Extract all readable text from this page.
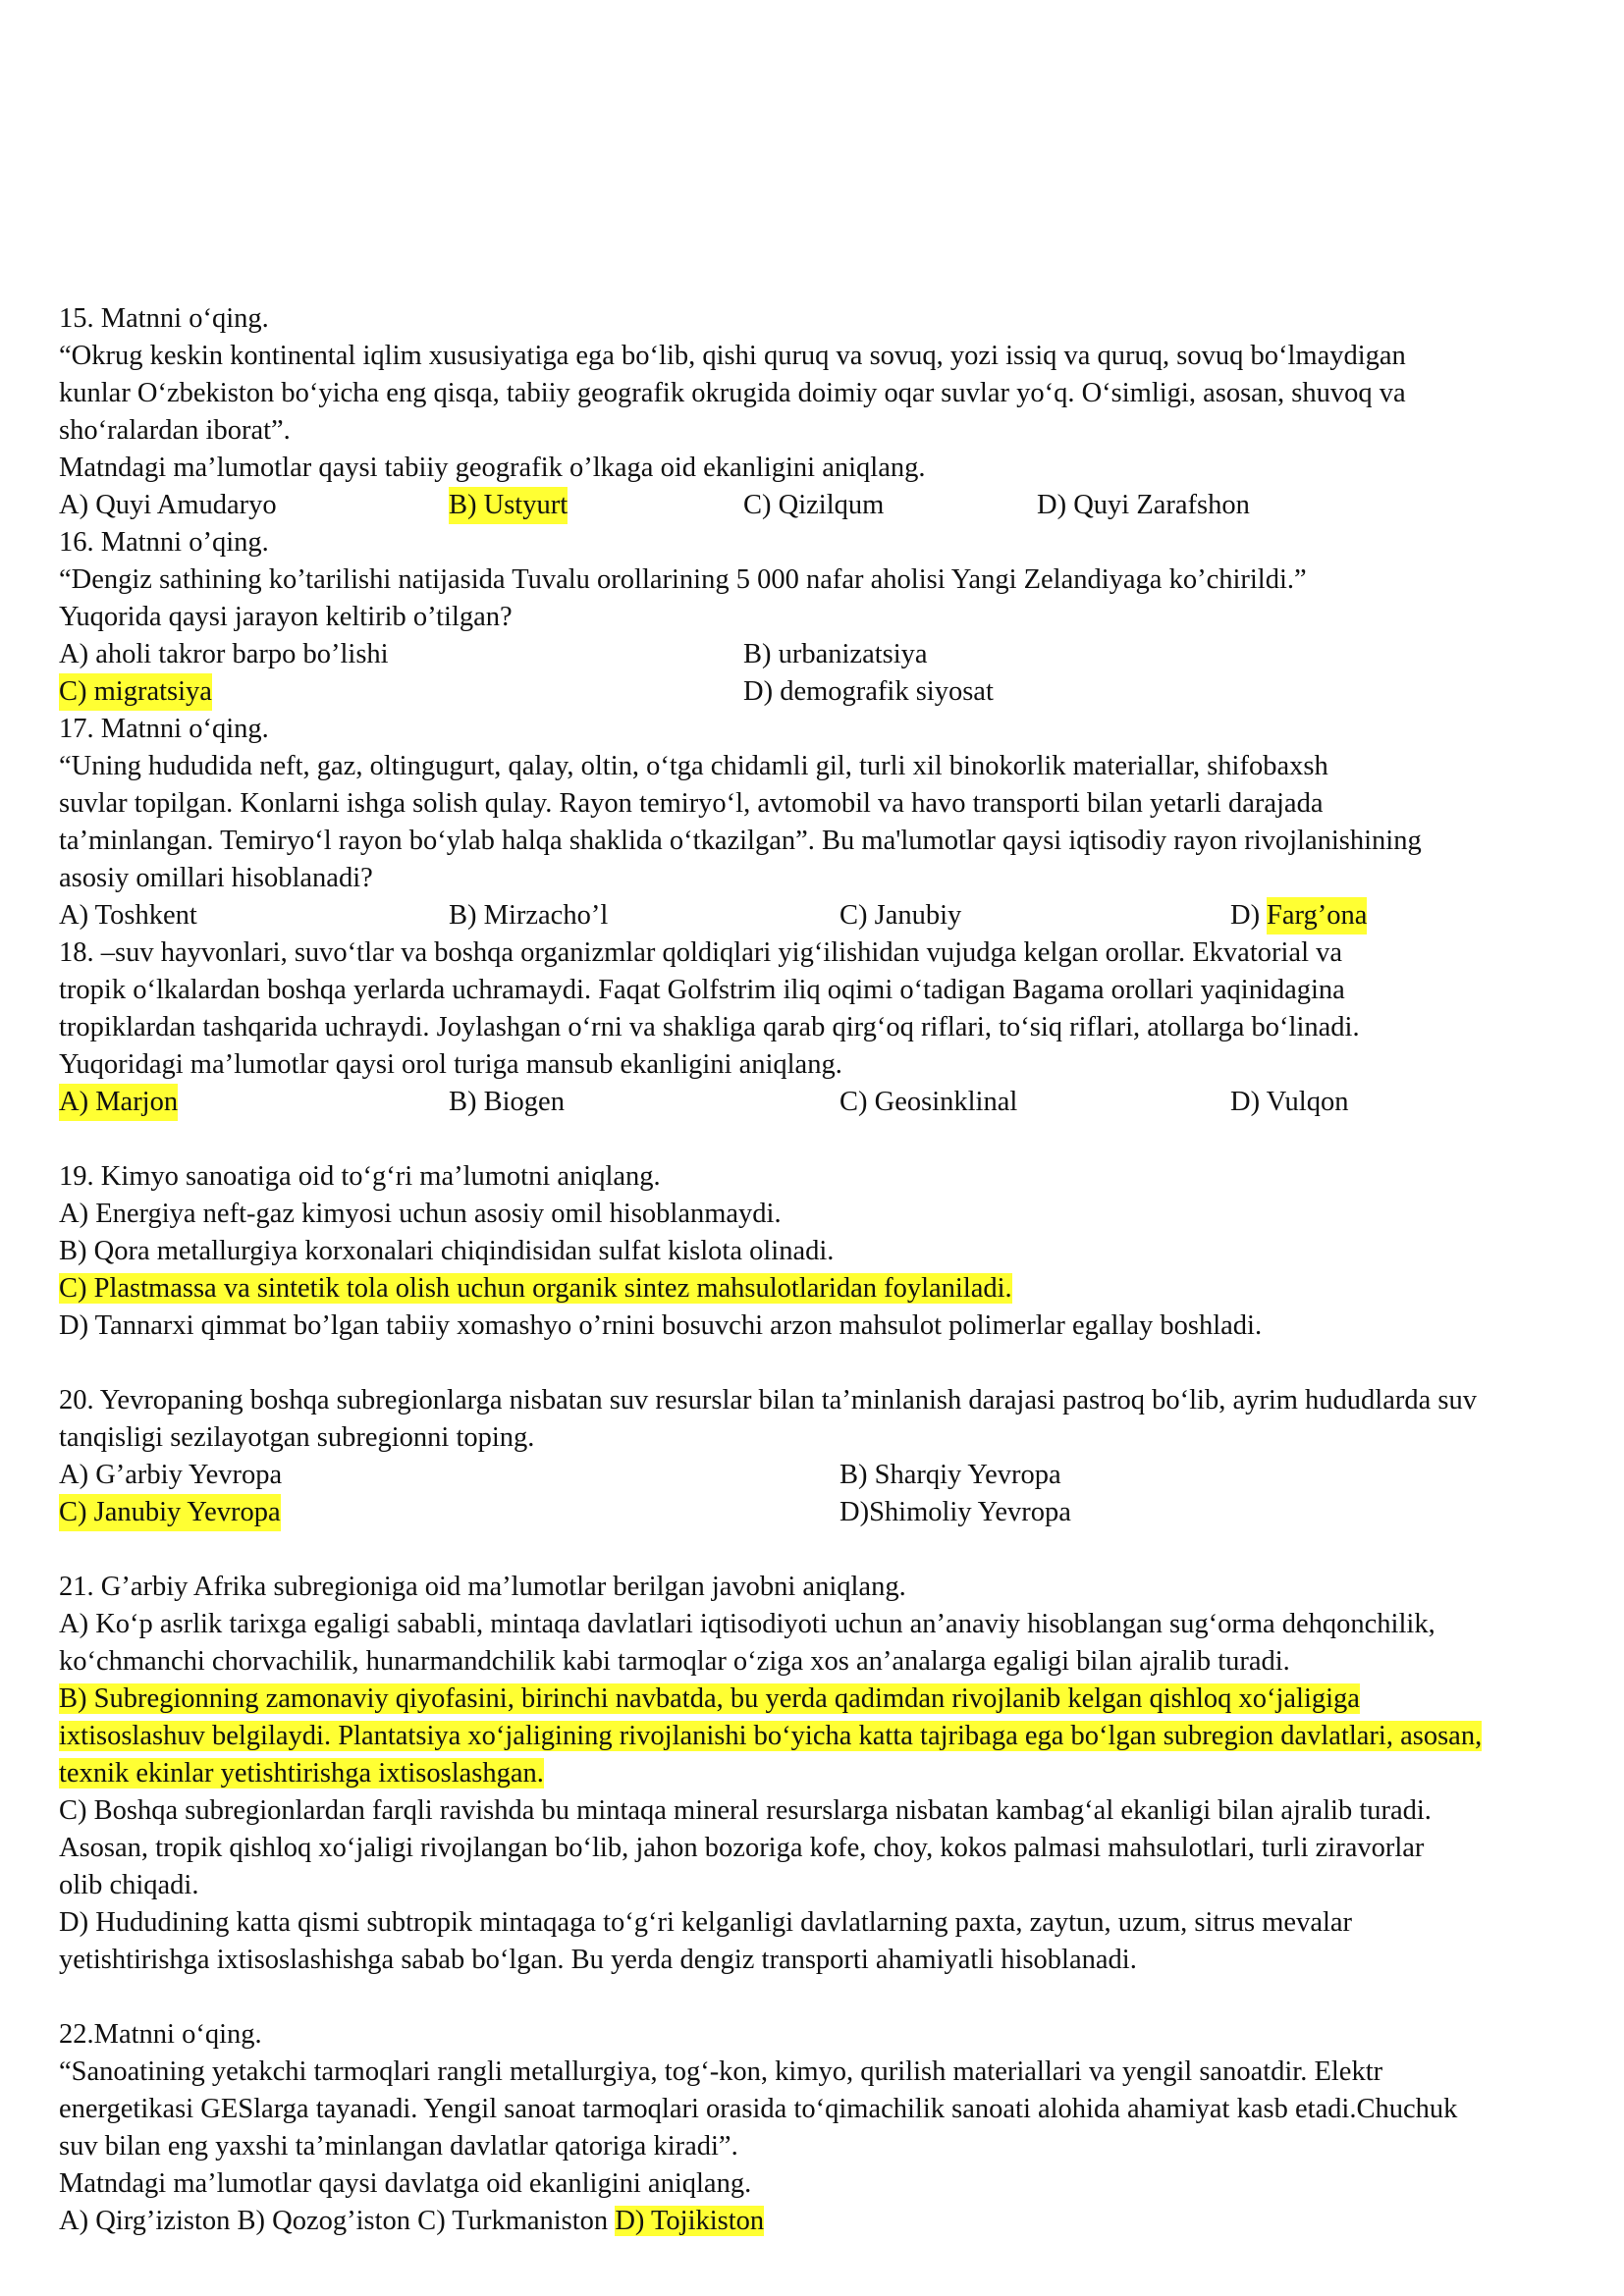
15. Matnni o‘qing.
“Okrug keskin kontinental iqlim xususiyatiga ega bo‘lib, qishi quruq va sovuq, yozi issiq va quruq, sovuq bo‘lmaydigan
kunlar O‘zbekiston bo‘yicha eng qisqa, tabiiy geografik okrugida doimiy oqar suvlar yo‘q. O‘simligi, asosan, shuvoq va
sho‘ralardan iborat”.
Matndagi ma’lumotlar qaysi tabiiy geografik o’lkaga oid ekanligini aniqlang.
A) Quyi Amudaryo	B) Ustyurt	C) Qizilqum	D) Quyi Zarafshon
16. Matnni o’qing.
“Dengiz sathining ko’tarilishi natijasida Tuvalu orollarining 5 000 nafar aholisi Yangi Zelandiyaga ko’chirildi.”
Yuqorida qaysi jarayon keltirib o’tilgan?
A) aholi takror barpo bo’lishi	B) urbanizatsiya
C) migratsiya	D) demografik siyosat
17. Matnni o‘qing.
“Uning hududida neft, gaz, oltingugurt, qalay, oltin, o‘tga chidamli gil, turli xil binokorlik materiallar, shifobaxsh
suvlar topilgan. Konlarni ishga solish qulay. Rayon temiryo‘l, avtomobil va havo transporti bilan yetarli darajada
ta’minlangan. Temiryo‘l rayon bo‘ylab halqa shaklida o‘tkazilgan”. Bu ma'lumotlar qaysi iqtisodiy rayon rivojlanishining
asosiy omillari hisoblanadi?
A) Toshkent	B) Mirzacho’l	C) Janubiy	D) Farg’ona
18. –suv hayvonlari, suvo‘tlar va boshqa organizmlar qoldiqlari yig‘ilishidan vujudga kelgan orollar. Ekvatorial va
tropik o‘lkalardan boshqa yerlarda uchramaydi. Faqat Golfstrim iliq oqimi o‘tadigan Bagama orollari yaqinidagina
tropiklardan tashqarida uchraydi. Joylashgan o‘rni va shakliga qarab qirg‘oq riflari, to‘siq riflari, atollarga bo‘linadi.
Yuqoridagi ma’lumotlar qaysi orol turiga mansub ekanligini aniqlang.
A) Marjon	B) Biogen	C) Geosinklinal	D) Vulqon
19. Kimyo sanoatiga oid to‘g‘ri ma’lumotni aniqlang.
A) Energiya neft-gaz kimyosi uchun asosiy omil hisoblanmaydi.
B) Qora metallurgiya korxonalari chiqindisidan sulfat kislota olinadi.
C) Plastmassa va sintetik tola olish uchun organik sintez mahsulotlaridan foylaniladi.
D) Tannarxi qimmat bo’lgan tabiiy xomashyo o’rnini bosuvchi arzon mahsulot polimerlar egallay boshladi.
20. Yevropaning boshqa subregionlarga nisbatan suv resurslar bilan ta’minlanish darajasi pastroq bo‘lib, ayrim hududlarda suv
tanqisligi sezilayotgan subregionni toping.
A) G’arbiy Yevropa	B) Sharqiy Yevropa
C) Janubiy Yevropa	D)Shimoliy Yevropa
21. G’arbiy Afrika subregioniga oid ma’lumotlar berilgan javobni aniqlang.
A) Ko‘p asrlik tarixga egaligi sababli, mintaqa davlatlari iqtisodiyoti uchun an’anaviy hisoblangan sug‘orma dehqonchilik,
ko‘chmanchi chorvachilik, hunarmandchilik kabi tarmoqlar o‘ziga xos an’analarga egaligi bilan ajralib turadi.
B) Subregionning zamonaviy qiyofasini, birinchi navbatda, bu yerda qadimdan rivojlanib kelgan qishloq xo‘jaligiga
ixtisoslashuv belgilaydi. Plantatsiya xo‘jaligining rivojlanishi bo‘yicha katta tajribaga ega bo‘lgan subregion davlatlari, asosan,
texnik ekinlar yetishtirishga ixtisoslashgan.
C) Boshqa subregionlardan farqli ravishda bu mintaqa mineral resurslarga nisbatan kambag‘al ekanligi bilan ajralib turadi.
Asosan, tropik qishloq xo‘jaligi rivojlangan bo‘lib, jahon bozoriga kofe, choy, kokos palmasi mahsulotlari, turli ziravorlar
olib chiqadi.
D) Hududining katta qismi subtropik mintaqaga to‘g‘ri kelganligi davlatlarning paxta, zaytun, uzum, sitrus mevalar
yetishtirishga ixtisoslashishga sabab bo‘lgan. Bu yerda dengiz transporti ahamiyatli hisoblanadi.
22.Matnni o‘qing.
“Sanoatining yetakchi tarmoqlari rangli metallurgiya, tog‘-kon, kimyo, qurilish materiallari va yengil sanoatdir. Elektr
energetikasi GESlarga tayanadi. Yengil sanoat tarmoqlari orasida to‘qimachilik sanoati alohida ahamiyat kasb etadi.Chuchuk
suv bilan eng yaxshi ta’minlangan davlatlar qatoriga kiradi”.
Matndagi ma’lumotlar qaysi davlatga oid ekanligini aniqlang.
A) Qirg’iziston B) Qozog’iston C) Turkmaniston D) Tojikiston
